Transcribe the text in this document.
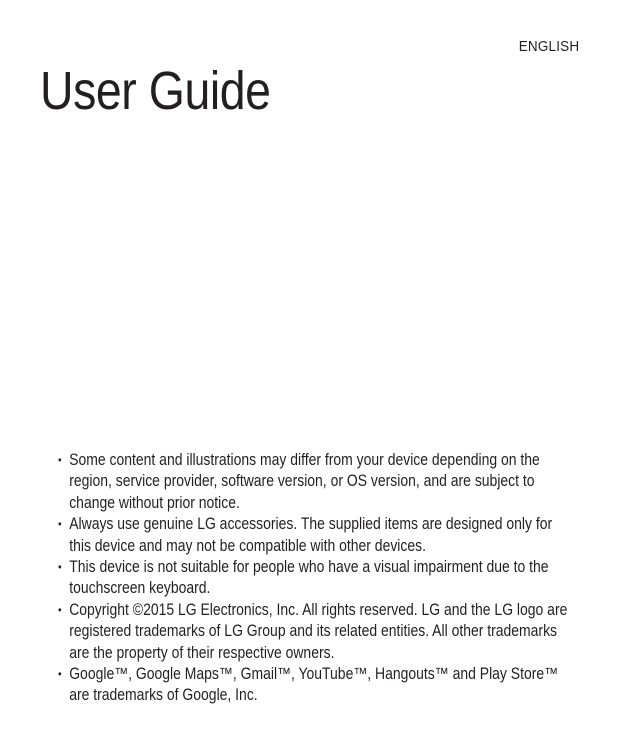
ENGLISH
User Guide
• Some content and illustrations may differ from your device depending on the region, service provider, software version, or OS version, and are subject to change without prior notice.
• Always use genuine LG accessories. The supplied items are designed only for this device and may not be compatible with other devices.
• This device is not suitable for people who have a visual impairment due to the touchscreen keyboard.
• Copyright ©2015 LG Electronics, Inc. All rights reserved. LG and the LG logo are registered trademarks of LG Group and its related entities. All other trademarks are the property of their respective owners.
• Google™, Google Maps™, Gmail™, YouTube™, Hangouts™ and Play Store™ are trademarks of Google, Inc.
